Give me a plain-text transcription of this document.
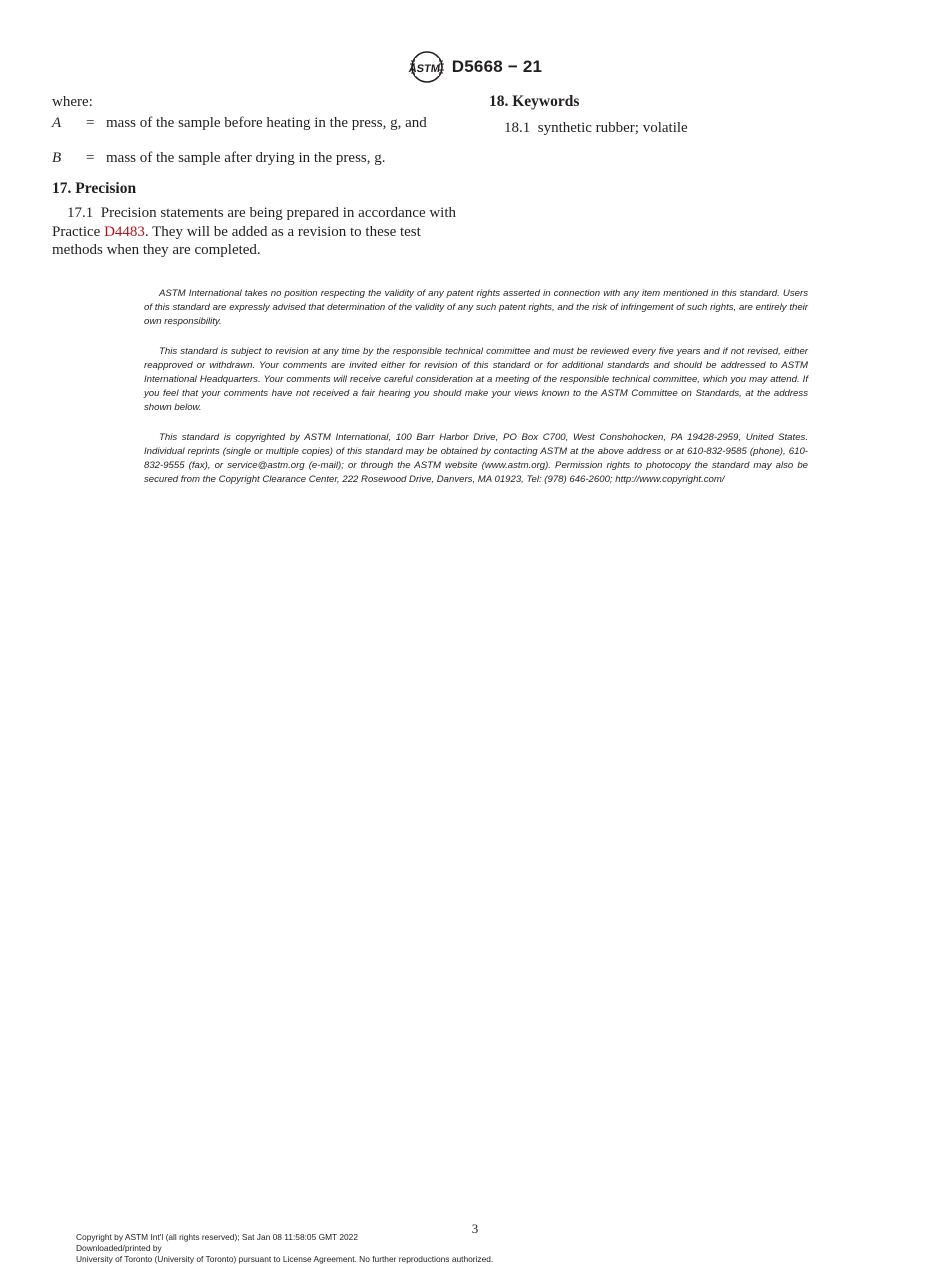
ASTM D5668 − 21
where:
A	= mass of the sample before heating in the press, g, and
B	= mass of the sample after drying in the press, g.
17. Precision

17.1 Precision statements are being prepared in accordance with Practice D4483. They will be added as a revision to these test methods when they are completed.

18. Keywords

18.1 synthetic rubber; volatile

ASTM International takes no position respecting the validity of any patent rights asserted in connection with any item mentioned in this standard. Users of this standard are expressly advised that determination of the validity of any such patent rights, and the risk of infringement of such rights, are entirely their own responsibility.

This standard is subject to revision at any time by the responsible technical committee and must be reviewed every five years and if not revised, either reapproved or withdrawn. Your comments are invited either for revision of this standard or for additional standards and should be addressed to ASTM International Headquarters. Your comments will receive careful consideration at a meeting of the responsible technical committee, which you may attend. If you feel that your comments have not received a fair hearing you should make your views known to the ASTM Committee on Standards, at the address shown below.

This standard is copyrighted by ASTM International, 100 Barr Harbor Drive, PO Box C700, West Conshohocken, PA 19428-2959, United States. Individual reprints (single or multiple copies) of this standard may be obtained by contacting ASTM at the above address or at 610-832-9585 (phone), 610-832-9555 (fax), or service@astm.org (e-mail); or through the ASTM website (www.astm.org). Permission rights to photocopy the standard may also be secured from the Copyright Clearance Center, 222 Rosewood Drive, Danvers, MA 01923, Tel: (978) 646-2600; http://www.copyright.com/

3
Copyright by ASTM Int'l (all rights reserved); Sat Jan 08 11:58:05 GMT 2022
Downloaded/printed by
University of Toronto (University of Toronto) pursuant to License Agreement. No further reproductions authorized.
